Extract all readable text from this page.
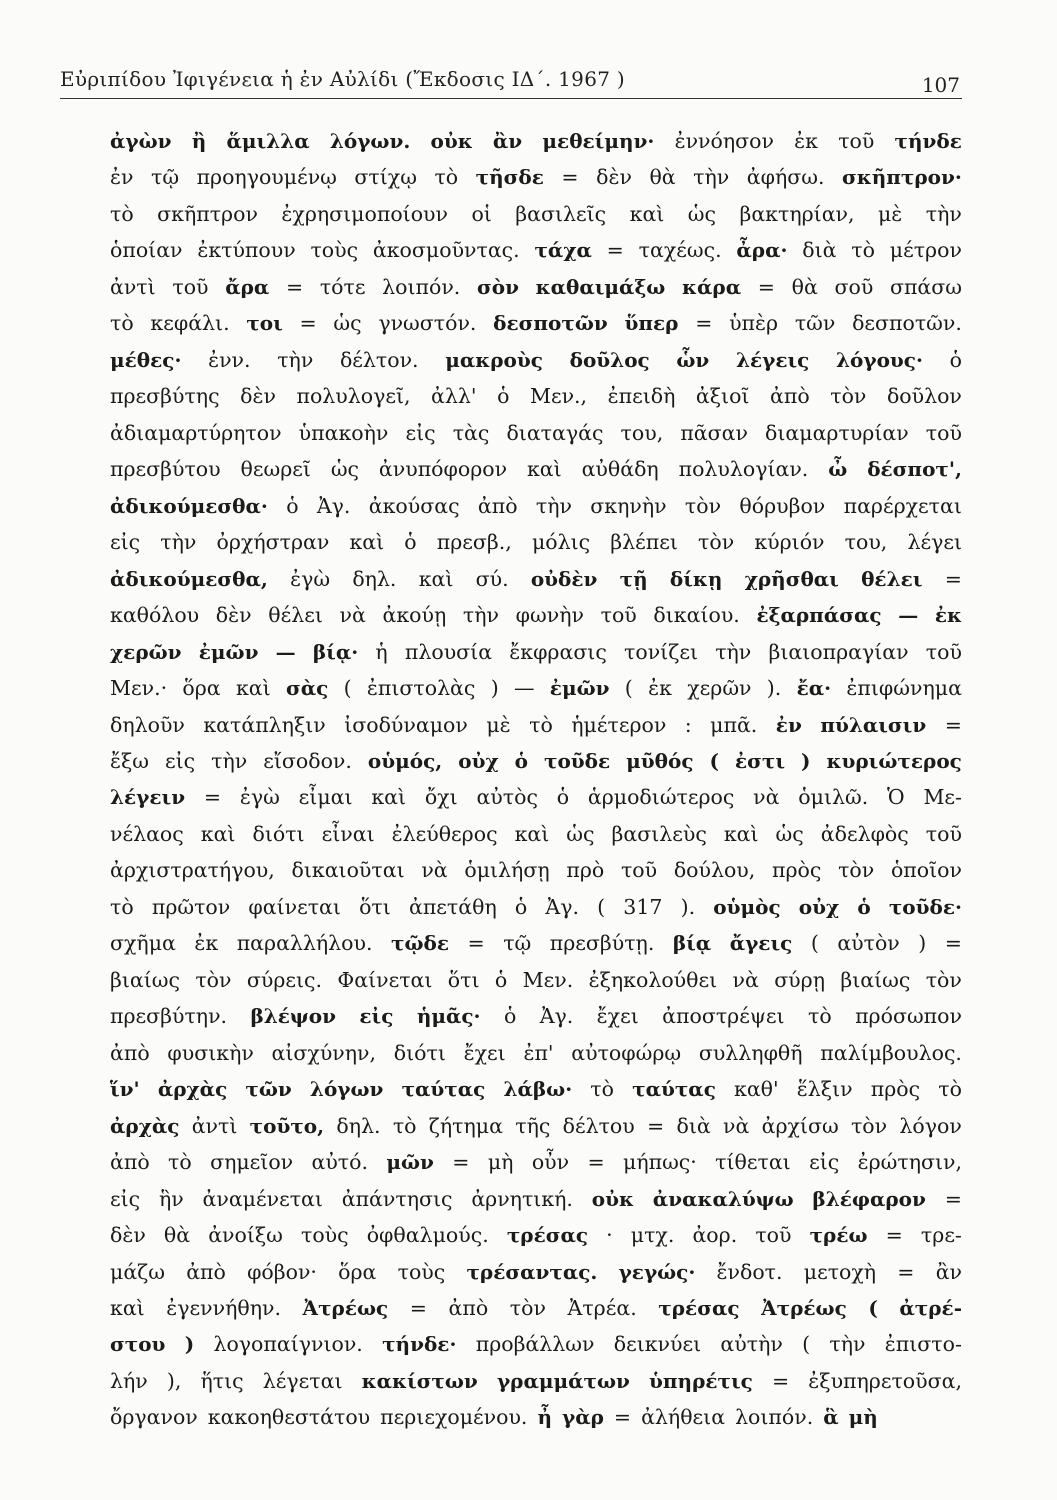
Εὐριπίδου Ἰφιγένεια ἡ ἐν Αὐλίδι (Ἔκδοσις ΙΔ΄. 1967 )	107
ἀγὼν ἢ ἅμιλλα λόγων. οὐκ ἂν μεθείμην· ἐννόησον ἐκ τοῦ τήνδε
ἐν τῷ προηγουμένῳ στίχῳ τὸ τῆσδε = δὲν θὰ τὴν ἀφήσω. σκῆπτρον·
τὸ σκῆπτρον ἐχρησιμοποίουν οἱ βασιλεῖς καὶ ὡς βακτηρίαν, μὲ τὴν
ὁποίαν ἐκτύπουν τοὺς ἀκοσμοῦντας. τάχα = ταχέως. ἆρα· διὰ τὸ μέτρον
ἀντὶ τοῦ ἄρα = τότε λοιπόν. σὸν καθαιμάξω κάρα = θὰ σοῦ σπάσω
τὸ κεφάλι. τοι = ὡς γνωστόν. δεσποτῶν ὕπερ = ὑπὲρ τῶν δεσποτῶν.
μέθες· ἐνν. τὴν δέλτον. μακροὺς δοῦλος ὧν λέγεις λόγους· ὁ
πρεσβύτης δὲν πολυλογεῖ, ἀλλ' ὁ Μεν., ἐπειδὴ ἀξιοῖ ἀπὸ τὸν δοῦλον
ἀδιαμαρτύρητον ὑπακοὴν εἰς τὰς διαταγάς του, πᾶσαν διαμαρτυρίαν τοῦ
πρεσβύτου θεωρεῖ ὡς ἀνυπόφορον καὶ αὐθάδη πολυλογίαν. ὦ δέσποτ',
ἀδικούμεσθα· ὁ Ἀγ. ἀκούσας ἀπὸ τὴν σκηνὴν τὸν θόρυβον παρέρχεται
εἰς τὴν ὀρχήστραν καὶ ὁ πρεσβ., μόλις βλέπει τὸν κύριόν του, λέγει
ἀδικούμεσθα, ἐγὼ δηλ. καὶ σύ. οὐδὲν τῇ δίκῃ χρῆσθαι θέλει =
καθόλου δὲν θέλει νὰ ἀκούῃ τὴν φωνὴν τοῦ δικαίου. ἐξαρπάσας — ἐκ
χερῶν ἐμῶν — βίᾳ· ἡ πλουσία ἔκφρασις τονίζει τὴν βιαιοπραγίαν τοῦ
Μεν.· ὅρα καὶ σὰς ( ἐπιστολὰς ) — ἐμῶν ( ἐκ χερῶν ). ἔα· ἐπιφώνημα
δηλοῦν κατάπληξιν ἰσοδύναμον μὲ τὸ ἡμέτερον : μπᾶ. ἐν πύλαισιν =
ἔξω εἰς τὴν εἴσοδον. οὑμός, οὐχ ὁ τοῦδε μῦθός ( ἐστι ) κυριώτερος
λέγειν = ἐγὼ εἶμαι καὶ ὄχι αὐτὸς ὁ ἁρμοδιώτερος νὰ ὁμιλῶ. Ὁ Με-
νέλαος καὶ διότι εἶναι ἐλεύθερος καὶ ὡς βασιλεὺς καὶ ὡς ἀδελφὸς τοῦ
ἀρχιστρατήγου, δικαιοῦται νὰ ὁμιλήσῃ πρὸ τοῦ δούλου, πρὸς τὸν ὁποῖον
τὸ πρῶτον φαίνεται ὅτι ἀπετάθη ὁ Ἀγ. ( 317 ). οὑμὸς οὐχ ὁ τοῦδε·
σχῆμα ἐκ παραλλήλου. τῷδε = τῷ πρεσβύτῃ. βίᾳ ἄγεις ( αὐτὸν ) =
βιαίως τὸν σύρεις. Φαίνεται ὅτι ὁ Μεν. ἐξηκολούθει νὰ σύρῃ βιαίως τὸν
πρεσβύτην. βλέψον εἰς ἡμᾶς· ὁ Ἀγ. ἔχει ἀποστρέψει τὸ πρόσωπον
ἀπὸ φυσικὴν αἰσχύνην, διότι ἔχει ἐπ' αὐτοφώρῳ συλληφθῆ παλίμβουλος.
ἵν' ἀρχὰς τῶν λόγων ταύτας λάβω· τὸ ταύτας καθ' ἕλξιν πρὸς τὸ
ἀρχὰς ἀντὶ τοῦτο, δηλ. τὸ ζήτημα τῆς δέλτου = διὰ νὰ ἀρχίσω τὸν λόγον
ἀπὸ τὸ σημεῖον αὐτό. μῶν = μὴ οὖν = μήπως· τίθεται εἰς ἐρώτησιν,
εἰς ἣν ἀναμένεται ἀπάντησις ἀρνητική. οὐκ ἀνακαλύψω βλέφαρον =
δὲν θὰ ἀνοίξω τοὺς ὀφθαλμούς. τρέσας · μτχ. ἀορ. τοῦ τρέω = τρε-
μάζω ἀπὸ φόβον· ὅρα τοὺς τρέσαντας. γεγώς· ἔνδοτ. μετοχὴ = ἂν
καὶ ἐγεννήθην. Ἀτρέως = ἀπὸ τὸν Ἀτρέα. τρέσας Ἀτρέως ( ἀτρέ-
στου ) λογοπαίγνιον. τήνδε· προβάλλων δεικνύει αὐτὴν ( τὴν ἐπιστο-
λήν ), ἥτις λέγεται κακίστων γραμμάτων ὑπηρέτις = ἐξυπηρετοῦσα,
ὄργανον κακοηθεστάτου περιεχομένου. ἦ γὰρ = ἀλήθεια λοιπόν. ἃ μὴ
